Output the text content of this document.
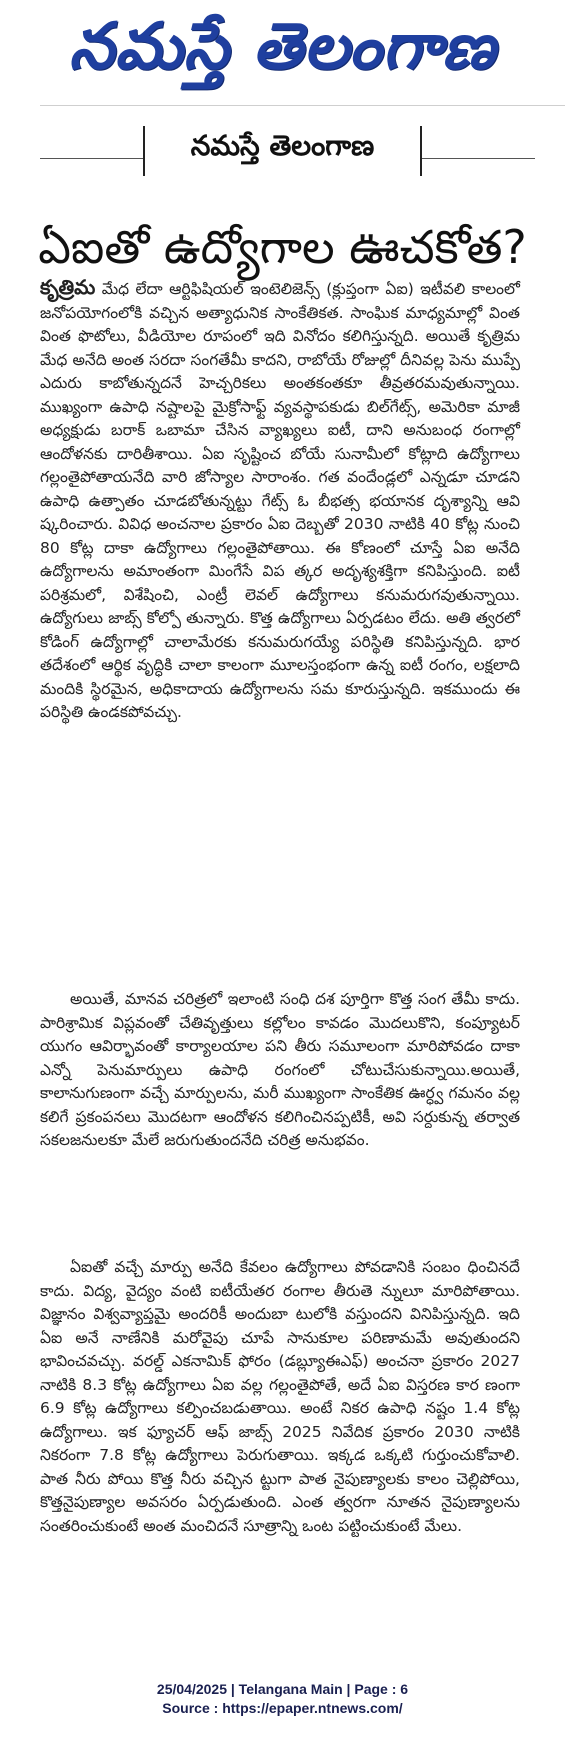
నమస్తే తెలంగాణ
నమస్తే తెలంగాణ
ఏఐతో ఉద్యోగాల ఊచకోత?

కృత్రిమ మేధ లేదా ఆర్టిఫిషియల్ ఇంటెలిజెన్స్ (క్లుప్తంగా ఏఐ) ఇటీవలి కాలంలో జనోపయోగంలోకి వచ్చిన అత్యాధునిక సాంకేతికత. సాంఘిక మాధ్యమాల్లో వింత వింత ఫొటోలు, వీడియోల రూపంలో ఇది వినోదం కలిగిస్తున్నది. అయితే కృత్రిమ మేధ అనేది అంత సరదా సంగతేమీ కాదని, రాబోయే రోజుల్లో దీనివల్ల పెను ముప్పే ఎదురు కాబోతున్నదనే హెచ్చరికలు అంతకంతకూ తీవ్రతరమవుతున్నాయి. ముఖ్యంగా ఉపాధి నష్టాలపై మైక్రోసాఫ్ట్ వ్యవస్థాపకుడు బిల్‌గేట్స్, అమెరికా మాజీ అధ్యక్షుడు బరాక్ ఒబామా చేసిన వ్యాఖ్యలు ఐటీ, దాని అనుబంధ రంగాల్లో ఆందోళనకు దారితీశాయి. ఏఐ సృష్టించ బోయే సునామీలో కోట్లాది ఉద్యోగాలు గల్లంతైపోతాయనేది వారి జోస్యాల సారాంశం. గత వందేండ్లలో ఎన్నడూ చూడని ఉపాధి ఉత్పాతం చూడబోతున్నట్టు గేట్స్ ఓ బీభత్స భయానక దృశ్యాన్ని ఆవి ష్కరించారు. వివిధ అంచనాల ప్రకారం ఏఐ దెబ్బతో 2030 నాటికి 40 కోట్ల నుంచి 80 కోట్ల దాకా ఉద్యోగాలు గల్లంతైపోతాయి. ఈ కోణంలో చూస్తే ఏఐ అనేది ఉద్యోగాలను అమాంతంగా మింగేసే విప త్కర అదృశ్యశక్తిగా కనిపిస్తుంది. ఐటీ పరిశ్రమలో, విశేషించి, ఎంట్రీ లెవల్ ఉద్యోగాలు కనుమరుగవుతున్నాయి. ఉద్యోగులు జాబ్స్ కోల్పో తున్నారు. కొత్త ఉద్యోగాలు ఏర్పడటం లేదు. అతి త్వరలో కోడింగ్ ఉద్యోగాల్లో చాలామేరకు కనుమరుగయ్యే పరిస్థితి కనిపిస్తున్నది. భార తదేశంలో ఆర్థిక వృద్ధికి చాలా కాలంగా మూలస్తంభంగా ఉన్న ఐటీ రంగం, లక్షలాది మందికి స్థిరమైన, అధికాదాయ ఉద్యోగాలను సమ కూరుస్తున్నది. ఇకముందు ఈ పరిస్థితి ఉండకపోవచ్చు.

అయితే, మానవ చరిత్రలో ఇలాంటి సంధి దశ పూర్తిగా కొత్త సంగ తేమీ కాదు. పారిశ్రామిక విప్లవంతో చేతివృత్తులు కల్లోలం కావడం మొదలుకొని, కంప్యూటర్ యుగం ఆవిర్భావంతో కార్యాలయాల పని తీరు సమూలంగా మారిపోవడం దాకా ఎన్నో పెనుమార్పులు ఉపాధి రంగంలో చోటుచేసుకున్నాయి.అయితే, కాలానుగుణంగా వచ్చే మార్పులను, మరీ ముఖ్యంగా సాంకేతిక ఊర్ధ్వ గమనం వల్ల కలిగే ప్రకంపనలు మొదటగా ఆందోళన కలిగించినప్పటికీ, అవి సర్దుకున్న తర్వాత సకలజనులకూ మేలే జరుగుతుందనేది చరిత్ర అనుభవం.

ఏఐతో వచ్చే మార్పు అనేది కేవలం ఉద్యోగాలు పోవడానికి సంబం ధించినదే కాదు. విద్య, వైద్యం వంటి ఐటీయేతర రంగాల తీరుతె న్నులూ మారిపోతాయి. విజ్ఞానం విశ్వవ్యాప్తమై అందరికీ అందుబా టులోకి వస్తుందని వినిపిస్తున్నది. ఇది ఏఐ అనే నాణేనికి మరోవైపు చూపే సానుకూల పరిణామమే అవుతుందని భావించవచ్చు. వరల్డ్ ఎకనామిక్ ఫోరం (డబ్ల్యూఈఎఫ్) అంచనా ప్రకారం 2027 నాటికి 8.3 కోట్ల ఉద్యోగాలు ఏఐ వల్ల గల్లంతైపోతే, అదే ఏఐ విస్తరణ కార ణంగా 6.9 కోట్ల ఉద్యోగాలు కల్పించబడుతాయి. అంటే నికర ఉపాధి నష్టం 1.4 కోట్ల ఉద్యోగాలు. ఇక ఫ్యూచర్ ఆఫ్ జాబ్స్ 2025 నివేదిక ప్రకారం 2030 నాటికి నికరంగా 7.8 కోట్ల ఉద్యోగాలు పెరుగుతాయి. ఇక్కడ ఒక్కటి గుర్తుంచుకోవాలి. పాత నీరు పోయి కొత్త నీరు వచ్చిన ట్టుగా పాత నైపుణ్యాలకు కాలం చెల్లిపోయి, కొత్తనైపుణ్యాల అవసరం ఏర్పడుతుంది. ఎంత త్వరగా నూతన నైపుణ్యాలను సంతరించుకుంటే అంత మంచిదనే సూత్రాన్ని ఒంట పట్టించుకుంటే మేలు.

25/04/2025 | Telangana Main | Page : 6
Source : https://epaper.ntnews.com/
